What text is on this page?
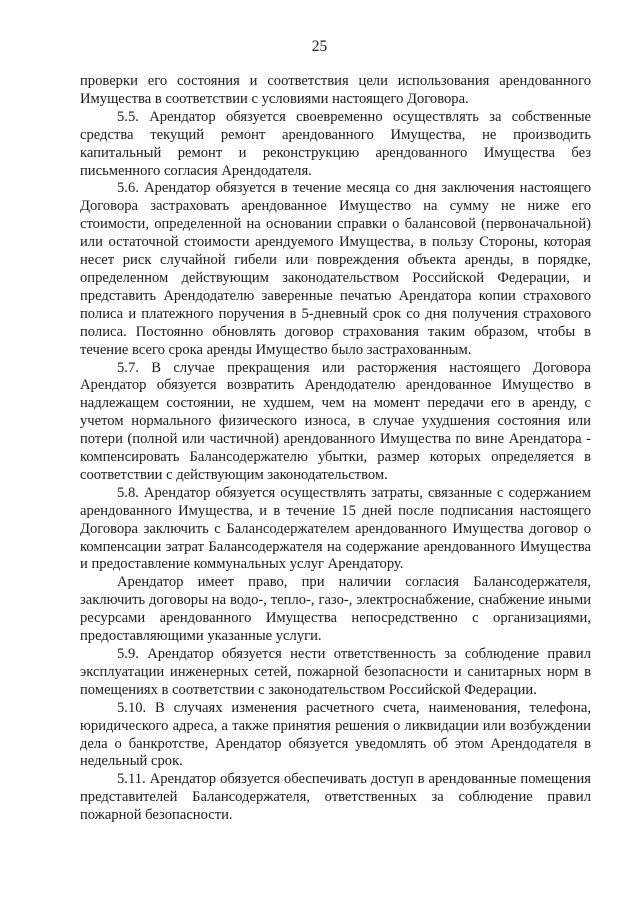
25

проверки его состояния и соответствия цели использования арендованного Имущества в соответствии с условиями настоящего Договора.

5.5. Арендатор обязуется своевременно осуществлять за собственные средства текущий ремонт арендованного Имущества, не производить капитальный ремонт и реконструкцию арендованного Имущества без письменного согласия Арендодателя.

5.6. Арендатор обязуется в течение месяца со дня заключения настоящего Договора застраховать арендованное Имущество на сумму не ниже его стоимости, определенной на основании справки о балансовой (первоначальной) или остаточной стоимости арендуемого Имущества, в пользу Стороны, которая несет риск случайной гибели или повреждения объекта аренды, в порядке, определенном действующим законодательством Российской Федерации, и представить Арендодателю заверенные печатью Арендатора копии страхового полиса и платежного поручения в 5-дневный срок со дня получения страхового полиса. Постоянно обновлять договор страхования таким образом, чтобы в течение всего срока аренды Имущество было застрахованным.

5.7. В случае прекращения или расторжения настоящего Договора Арендатор обязуется возвратить Арендодателю арендованное Имущество в надлежащем состоянии, не худшем, чем на момент передачи его в аренду, с учетом нормального физического износа, в случае ухудшения состояния или потери (полной или частичной) арендованного Имущества по вине Арендатора - компенсировать Балансодержателю убытки, размер которых определяется в соответствии с действующим законодательством.

5.8. Арендатор обязуется осуществлять затраты, связанные с содержанием арендованного Имущества, и в течение 15 дней после подписания настоящего Договора заключить с Балансодержателем арендованного Имущества договор о компенсации затрат Балансодержателя на содержание арендованного Имущества и предоставление коммунальных услуг Арендатору.

Арендатор имеет право, при наличии согласия Балансодержателя, заключить договоры на водо-, тепло-, газо-, электроснабжение, снабжение иными ресурсами арендованного Имущества непосредственно с организациями, предоставляющими указанные услуги.

5.9. Арендатор обязуется нести ответственность за соблюдение правил эксплуатации инженерных сетей, пожарной безопасности и санитарных норм в помещениях в соответствии с законодательством Российской Федерации.

5.10. В случаях изменения расчетного счета, наименования, телефона, юридического адреса, а также принятия решения о ликвидации или возбуждении дела о банкротстве, Арендатор обязуется уведомлять об этом Арендодателя в недельный срок.

5.11. Арендатор обязуется обеспечивать доступ в арендованные помещения представителей Балансодержателя, ответственных за соблюдение правил пожарной безопасности.
